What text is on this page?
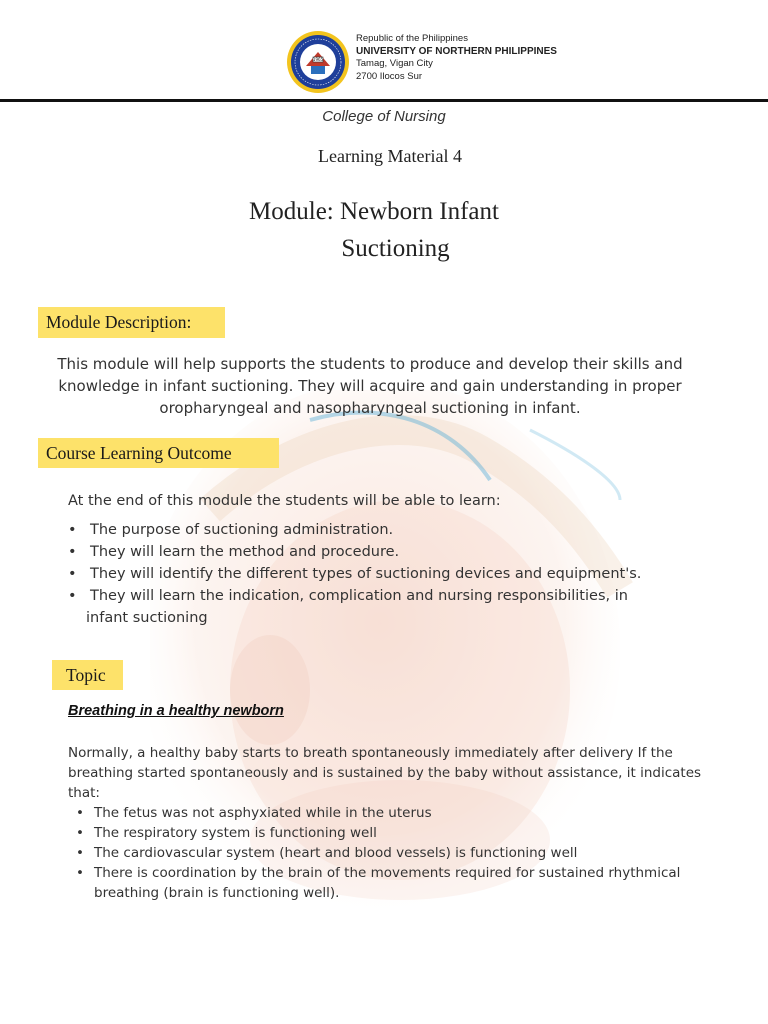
1965
Republic of the Philippines
UNIVERSITY OF NORTHERN PHILIPPINES
Tamag, Vigan City
2700 Ilocos Sur
College of Nursing
Learning Material 4
Module: Newborn Infant
Suctioning
Module Description:
This module will help supports the students to produce and develop their skills and knowledge in infant suctioning. They will acquire and gain understanding in proper oropharyngeal and nasopharyngeal suctioning in infant.
Course Learning Outcome
At the end of this module the students will be able to learn:
• The purpose of suctioning administration.
• They will learn the method and procedure.
• They will identify the different types of suctioning devices and equipment's.
• They will learn the indication, complication and nursing responsibilities, in
infant suctioning
Topic
Breathing in a healthy newborn
Normally, a healthy baby starts to breath spontaneously immediately after delivery If the breathing started spontaneously and is sustained by the baby without assistance, it indicates that:
• The fetus was not asphyxiated while in the uterus
• The respiratory system is functioning well
• The cardiovascular system (heart and blood vessels) is functioning well
• There is coordination by the brain of the movements required for sustained rhythmical breathing (brain is functioning well).
